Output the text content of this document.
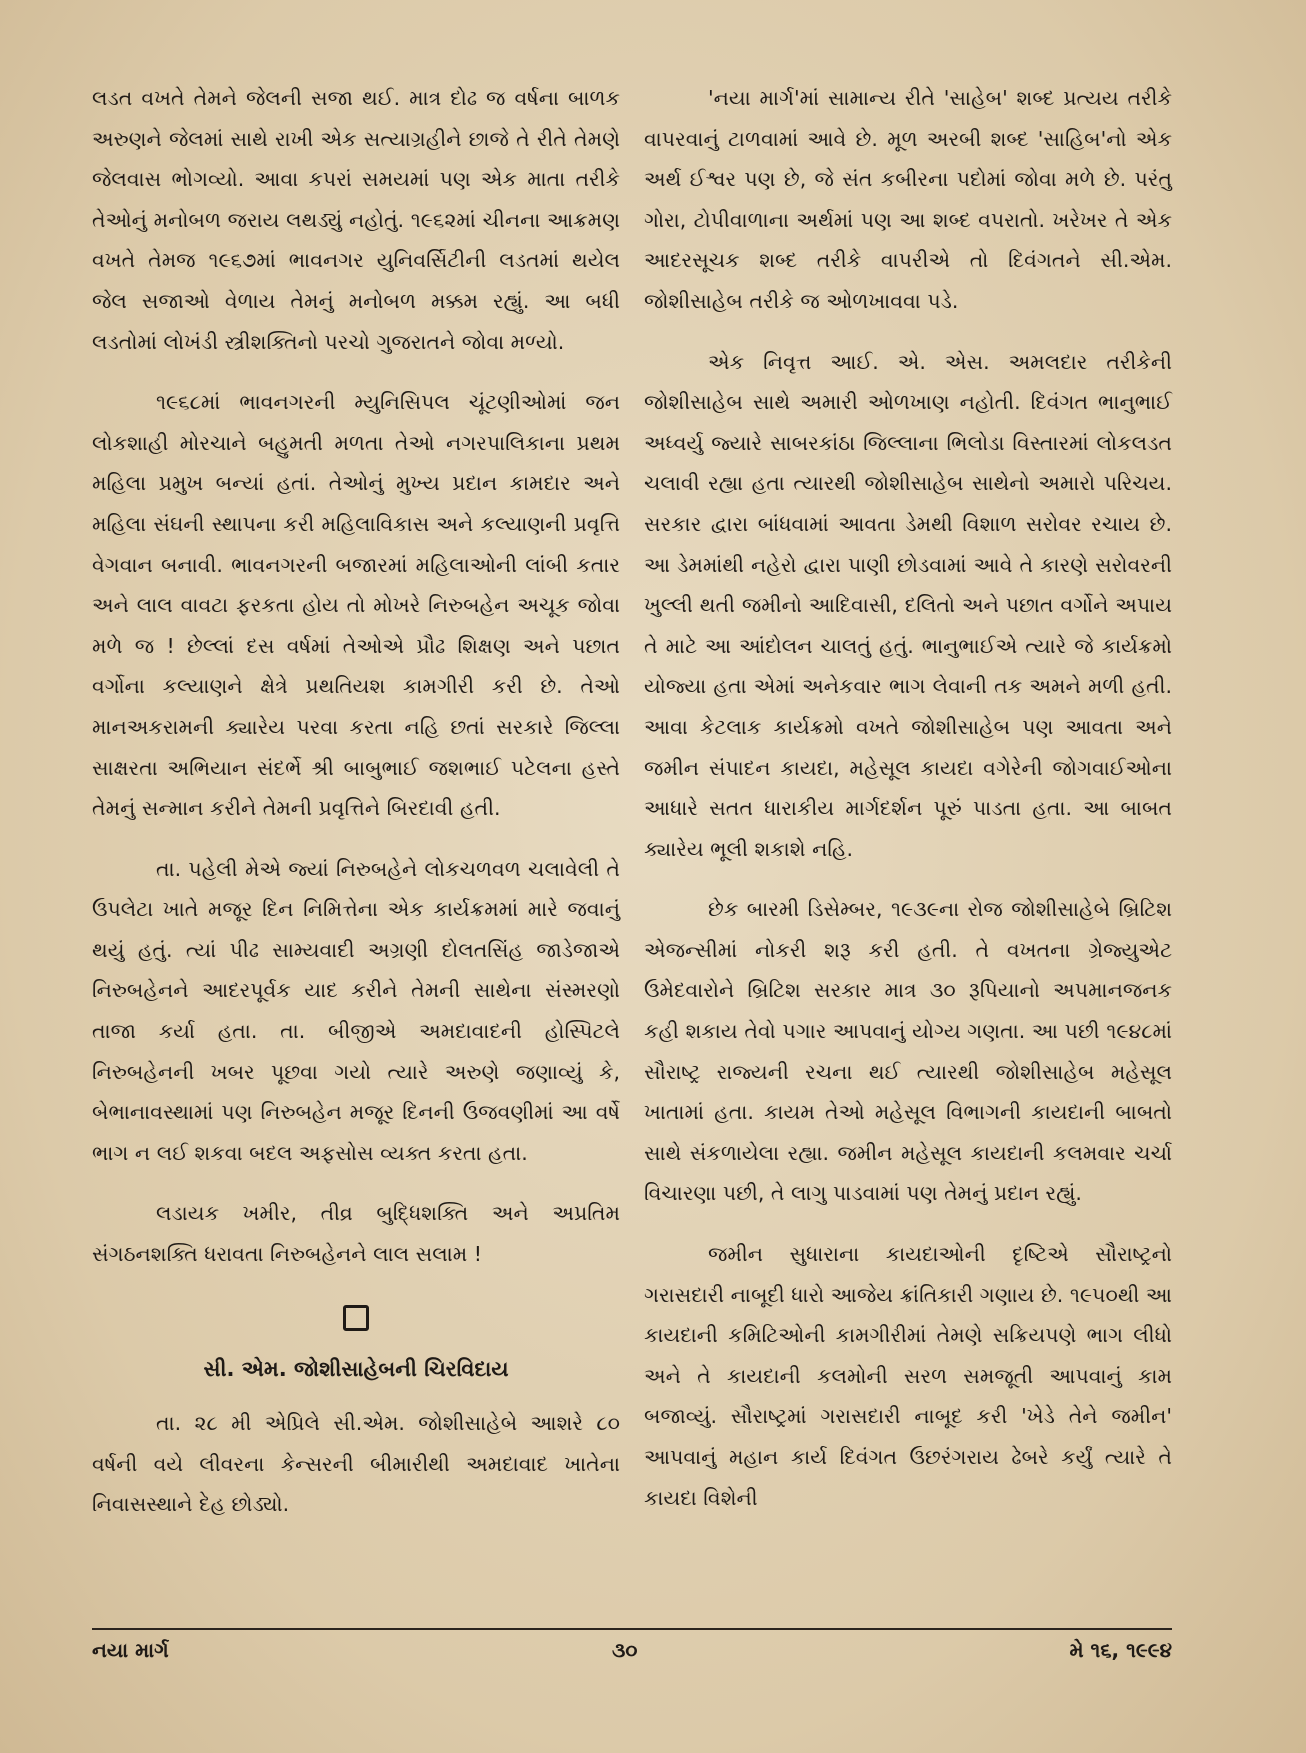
લડત વખતે તેમને જેલની સજા થઈ. માત્ર દોઢ જ વર્ષના બાળક અરુણને જેલમાં સાથે રાખી એક સત્યાગ્રહીને છાજે તે રીતે તેમણે જેલવાસ ભોગવ્યો. આવા કપરાં સમયમાં પણ એક માતા તરીકે તેઓનું મનોબળ જરાય લથડ્યું નહોતું. ૧૯૬૨માં ચીનના આક્રમણ વખતે તેમજ ૧૯૬૭માં ભાવનગર યુનિવર્સિટીની લડતમાં થયેલ જેલ સજાઓ વેળાય તેમનું મનોબળ મક્કમ રહ્યું. આ બધી લડતોમાં લોખંડી સ્ત્રીશક્તિનો પરચો ગુજરાતને જોવા મળ્યો.

૧૯૬૮માં ભાવનગરની મ્યુનિસિપલ ચૂંટણીઓમાં જન લોકશાહી મોરચાને બહુમતી મળતા તેઓ નગરપાલિકાના પ્રથમ મહિલા પ્રમુખ બન્યાં હતાં. તેઓનું મુખ્ય પ્રદાન કામદાર અને મહિલા સંઘની સ્થાપના કરી મહિલાવિકાસ અને કલ્યાણની પ્રવૃત્તિ વેગવાન બનાવી. ભાવનગરની બજારમાં મહિલાઓની લાંબી કતાર અને લાલ વાવટા ફરકતા હોય તો મોખરે નિરુબહેન અચૂક જોવા મળે જ ! છેલ્લાં દસ વર્ષમાં તેઓએ પ્રૌઢ શિક્ષણ અને પછાત વર્ગોના કલ્યાણને ક્ષેત્રે પ્રથતિયશ કામગીરી કરી છે. તેઓ માનઅકરામની ક્યારેય પરવા કરતા નહિ છતાં સરકારે જિલ્લા સાક્ષરતા અભિયાન સંદર્ભે શ્રી બાબુભાઈ જશભાઈ પટેલના હસ્તે તેમનું સન્માન કરીને તેમની પ્રવૃત્તિને બિરદાવી હતી.

તા. પહેલી મેએ જ્યાં નિરુબહેને લોકચળવળ ચલાવેલી તે ઉપલેટા ખાતે મજૂર દિન નિમિત્તેના એક કાર્યક્રમમાં મારે જવાનું થયું હતું. ત્યાં પીઢ સામ્યવાદી અગ્રણી દોલતસિંહ જાડેજાએ નિરુબહેનને આદરપૂર્વક યાદ કરીને તેમની સાથેના સંસ્મરણો તાજા કર્યા હતા. તા. બીજીએ અમદાવાદની હોસ્પિટલે નિરુબહેનની ખબર પૂછવા ગયો ત્યારે અરુણે જણાવ્યું કે, બેભાનાવસ્થામાં પણ નિરુબહેન મજૂર દિનની ઉજવણીમાં આ વર્ષે ભાગ ન લઈ શકવા બદલ અફસોસ વ્યક્ત કરતા હતા.

લડાયક ખમીર, તીવ્ર બુદ્ધિશક્તિ અને અપ્રતિમ સંગઠનશક્તિ ધરાવતા નિરુબહેનને લાલ સલામ !

સી. એમ. જોશીસાહેબની ચિરવિદાય

તા. ૨૮ મી એપ્રિલે સી.એમ. જોશીસાહેબે આશરે ૮૦ વર્ષની વયે લીવરના કેન્સરની બીમારીથી અમદાવાદ ખાતેના નિવાસસ્થાને દેહ છોડ્યો.

'નયા માર્ગ'માં સામાન્ય રીતે 'સાહેબ' શબ્દ પ્રત્યય તરીકે વાપરવાનું ટાળવામાં આવે છે. મૂળ અરબી શબ્દ 'સાહિબ'નો એક અર્થ ઈશ્વર પણ છે, જે સંત કબીરના પદોમાં જોવા મળે છે. પરંતુ ગોરા, ટોપીવાળાના અર્થમાં પણ આ શબ્દ વપરાતો. ખરેખર તે એક આદરસૂચક શબ્દ તરીકે વાપરીએ તો દિવંગતને સી.એમ. જોશીસાહેબ તરીકે જ ઓળખાવવા પડે.

એક નિવૃત્ત આઈ. એ. એસ. અમલદાર તરીકેની જોશીસાહેબ સાથે અમારી ઓળખાણ નહોતી. દિવંગત ભાનુભાઈ અધ્વર્યુ જ્યારે સાબરકાંઠા જિલ્લાના ભિલોડા વિસ્તારમાં લોકલડત ચલાવી રહ્યા હતા ત્યારથી જોશીસાહેબ સાથેનો અમારો પરિચય. સરકાર દ્વારા બાંધવામાં આવતા ડેમથી વિશાળ સરોવર રચાય છે. આ ડેમમાંથી નહેરો દ્વારા પાણી છોડવામાં આવે તે કારણે સરોવરની ખુલ્લી થતી જમીનો આદિવાસી, દલિતો અને પછાત વર્ગોને અપાય તે માટે આ આંદોલન ચાલતું હતું. ભાનુભાઈએ ત્યારે જે કાર્યક્રમો યોજ્યા હતા એમાં અનેકવાર ભાગ લેવાની તક અમને મળી હતી. આવા કેટલાક કાર્યક્રમો વખતે જોશીસાહેબ પણ આવતા અને જમીન સંપાદન કાયદા, મહેસૂલ કાયદા વગેરેની જોગવાઈઓના આધારે સતત ધારાકીય માર્ગદર્શન પૂરું પાડતા હતા. આ બાબત ક્યારેય ભૂલી શકાશે નહિ.

છેક બારમી ડિસેમ્બર, ૧૯૩૯ના રોજ જોશીસાહેબે બ્રિટિશ એજન્સીમાં નોકરી શરૂ કરી હતી. તે વખતના ગ્રેજ્યુએટ ઉમેદવારોને બ્રિટિશ સરકાર માત્ર ૩૦ રૂપિયાનો અપમાનજનક કહી શકાય તેવો પગાર આપવાનું યોગ્ય ગણતા. આ પછી ૧૯૪૮માં સૌરાષ્ટ્ર રાજ્યની રચના થઈ ત્યારથી જોશીસાહેબ મહેસૂલ ખાતામાં હતા. કાયમ તેઓ મહેસૂલ વિભાગની કાયદાની બાબતો સાથે સંકળાયેલા રહ્યા. જમીન મહેસૂલ કાયદાની કલમવાર ચર્ચા વિચારણા પછી, તે લાગુ પાડવામાં પણ તેમનું પ્રદાન રહ્યું.

જમીન સુધારાના કાયદાઓની દૃષ્ટિએ સૌરાષ્ટ્રનો ગરાસદારી નાબૂદી ધારો આજેય ક્રાંતિકારી ગણાય છે. ૧૯૫૦થી આ કાયદાની કમિટિઓની કામગીરીમાં તેમણે સક્રિયપણે ભાગ લીધો અને તે કાયદાની કલમોની સરળ સમજૂતી આપવાનું કામ બજાવ્યું. સૌરાષ્ટ્રમાં ગરાસદારી નાબૂદ કરી 'ખેડે તેને જમીન' આપવાનું મહાન કાર્ય દિવંગત ઉછરંગરાય ઢેબરે કર્યું ત્યારે તે કાયદા વિશેની

નયા માર્ગ	૩૦	મે ૧૬, ૧૯૯૪
